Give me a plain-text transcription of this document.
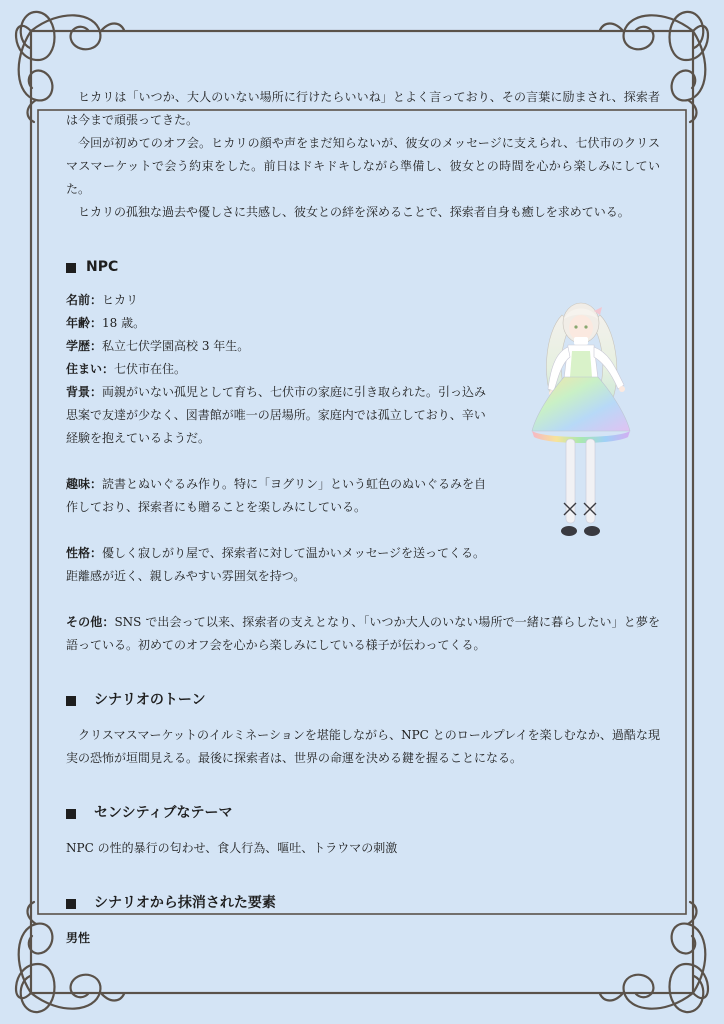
ヒカリは「いつか、大人のいない場所に行けたらいいね」とよく言っており、その言葉に励まされ、探索者は今まで頑張ってきた。

今回が初めてのオフ会。ヒカリの顔や声をまだ知らないが、彼女のメッセージに支えられ、七伏市のクリスマスマーケットで会う約束をした。前日はドキドキしながら準備し、彼女との時間を心から楽しみにしていた。

ヒカリの孤独な過去や優しさに共感し、彼女との絆を深めることで、探索者自身も癒しを求めている。

NPC

名前：ヒカリ

年齢：18 歳。

学歴：私立七伏学園高校 3 年生。

住まい：七伏市在住。

背景：両親がいない孤児として育ち、七伏市の家庭に引き取られた。引っ込み思案で友達が少なく、図書館が唯一の居場所。家庭内では孤立しており、辛い経験を抱えているようだ。

趣味：読書とぬいぐるみ作り。特に「ヨグリン」という虹色のぬいぐるみを自作しており、探索者にも贈ることを楽しみにしている。

性格：優しく寂しがり屋で、探索者に対して温かいメッセージを送ってくる。距離感が近く、親しみやすい雰囲気を持つ。

その他：SNS で出会って以来、探索者の支えとなり、「いつか大人のいない場所で一緒に暮らしたい」と夢を語っている。初めてのオフ会を心から楽しみにしている様子が伝わってくる。

シナリオのトーン

クリスマスマーケットのイルミネーションを堪能しながら、NPC とのロールプレイを楽しむなか、過酷な現実の恐怖が垣間見える。最後に探索者は、世界の命運を決める鍵を握ることになる。

センシティブなテーマ

NPC の性的暴行の匂わせ、食人行為、嘔吐、トラウマの刺激

シナリオから抹消された要素

男性
